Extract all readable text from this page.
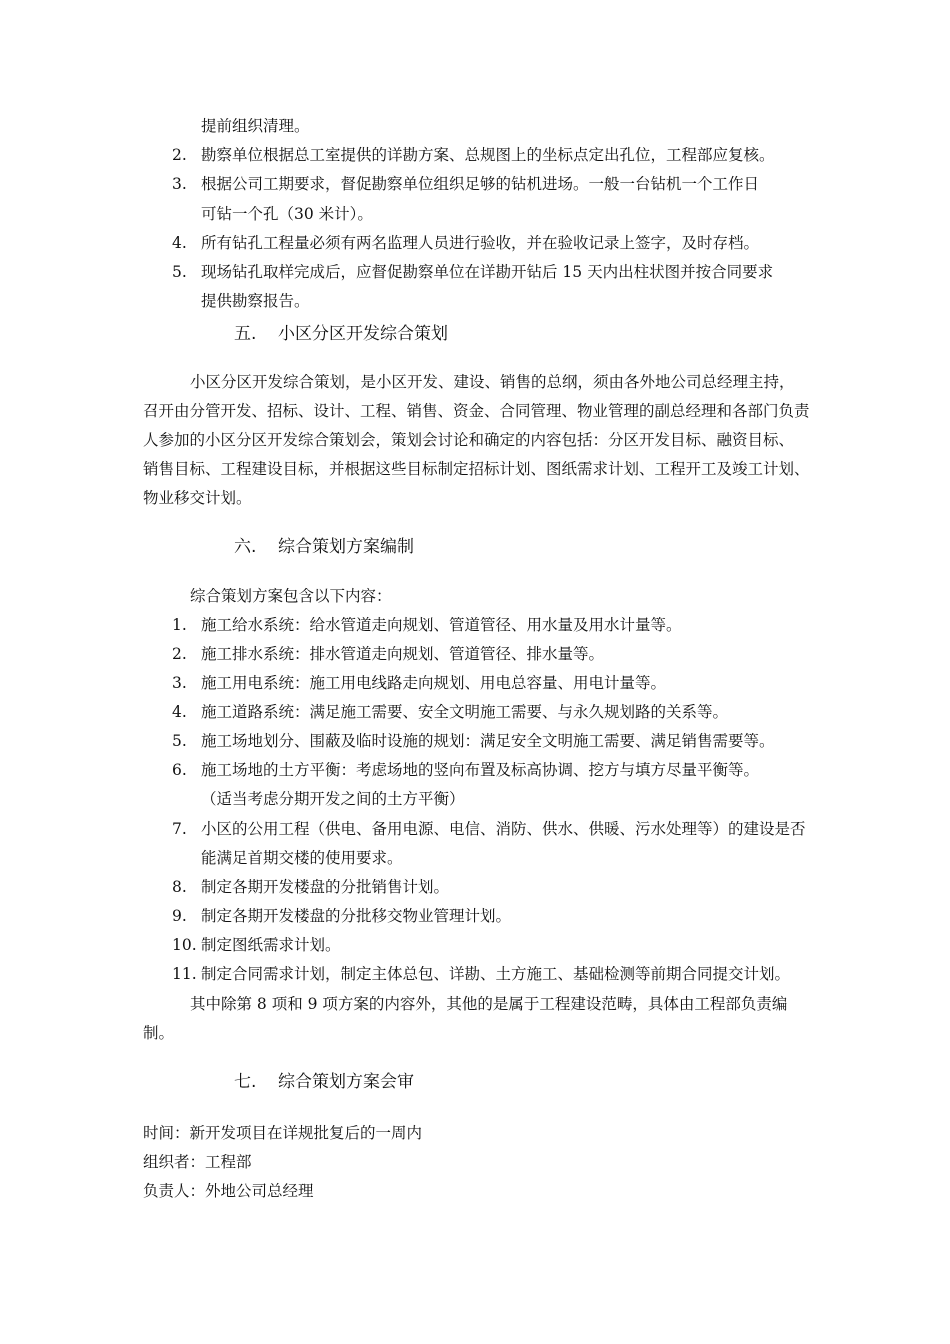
提前组织清理。
2. 勘察单位根据总工室提供的详勘方案、总规图上的坐标点定出孔位，工程部应复核。
3. 根据公司工期要求，督促勘察单位组织足够的钻机进场。一般一台钻机一个工作日
可钻一个孔（30 米计）。
4. 所有钻孔工程量必须有两名监理人员进行验收，并在验收记录上签字，及时存档。
5. 现场钻孔取样完成后，应督促勘察单位在详勘开钻后 15 天内出柱状图并按合同要求
提供勘察报告。
五. 小区分区开发综合策划
小区分区开发综合策划，是小区开发、建设、销售的总纲，须由各外地公司总经理主持，
召开由分管开发、招标、设计、工程、销售、资金、合同管理、物业管理的副总经理和各部门负责
人参加的小区分区开发综合策划会，策划会讨论和确定的内容包括：分区开发目标、融资目标、
销售目标、工程建设目标，并根据这些目标制定招标计划、图纸需求计划、工程开工及竣工计划、
物业移交计划。
六. 综合策划方案编制
综合策划方案包含以下内容：
1. 施工给水系统：给水管道走向规划、管道管径、用水量及用水计量等。
2. 施工排水系统：排水管道走向规划、管道管径、排水量等。
3. 施工用电系统：施工用电线路走向规划、用电总容量、用电计量等。
4. 施工道路系统：满足施工需要、安全文明施工需要、与永久规划路的关系等。
5. 施工场地划分、围蔽及临时设施的规划：满足安全文明施工需要、满足销售需要等。
6. 施工场地的土方平衡：考虑场地的竖向布置及标高协调、挖方与填方尽量平衡等。
（适当考虑分期开发之间的土方平衡）
7. 小区的公用工程（供电、备用电源、电信、消防、供水、供暖、污水处理等）的建设是否
能满足首期交楼的使用要求。
8. 制定各期开发楼盘的分批销售计划。
9. 制定各期开发楼盘的分批移交物业管理计划。
10. 制定图纸需求计划。
11. 制定合同需求计划，制定主体总包、详勘、土方施工、基础检测等前期合同提交计划。
其中除第 8 项和 9 项方案的内容外，其他的是属于工程建设范畴，具体由工程部负责编
制。
七. 综合策划方案会审
时间：新开发项目在详规批复后的一周内
组织者：工程部
负责人：外地公司总经理
